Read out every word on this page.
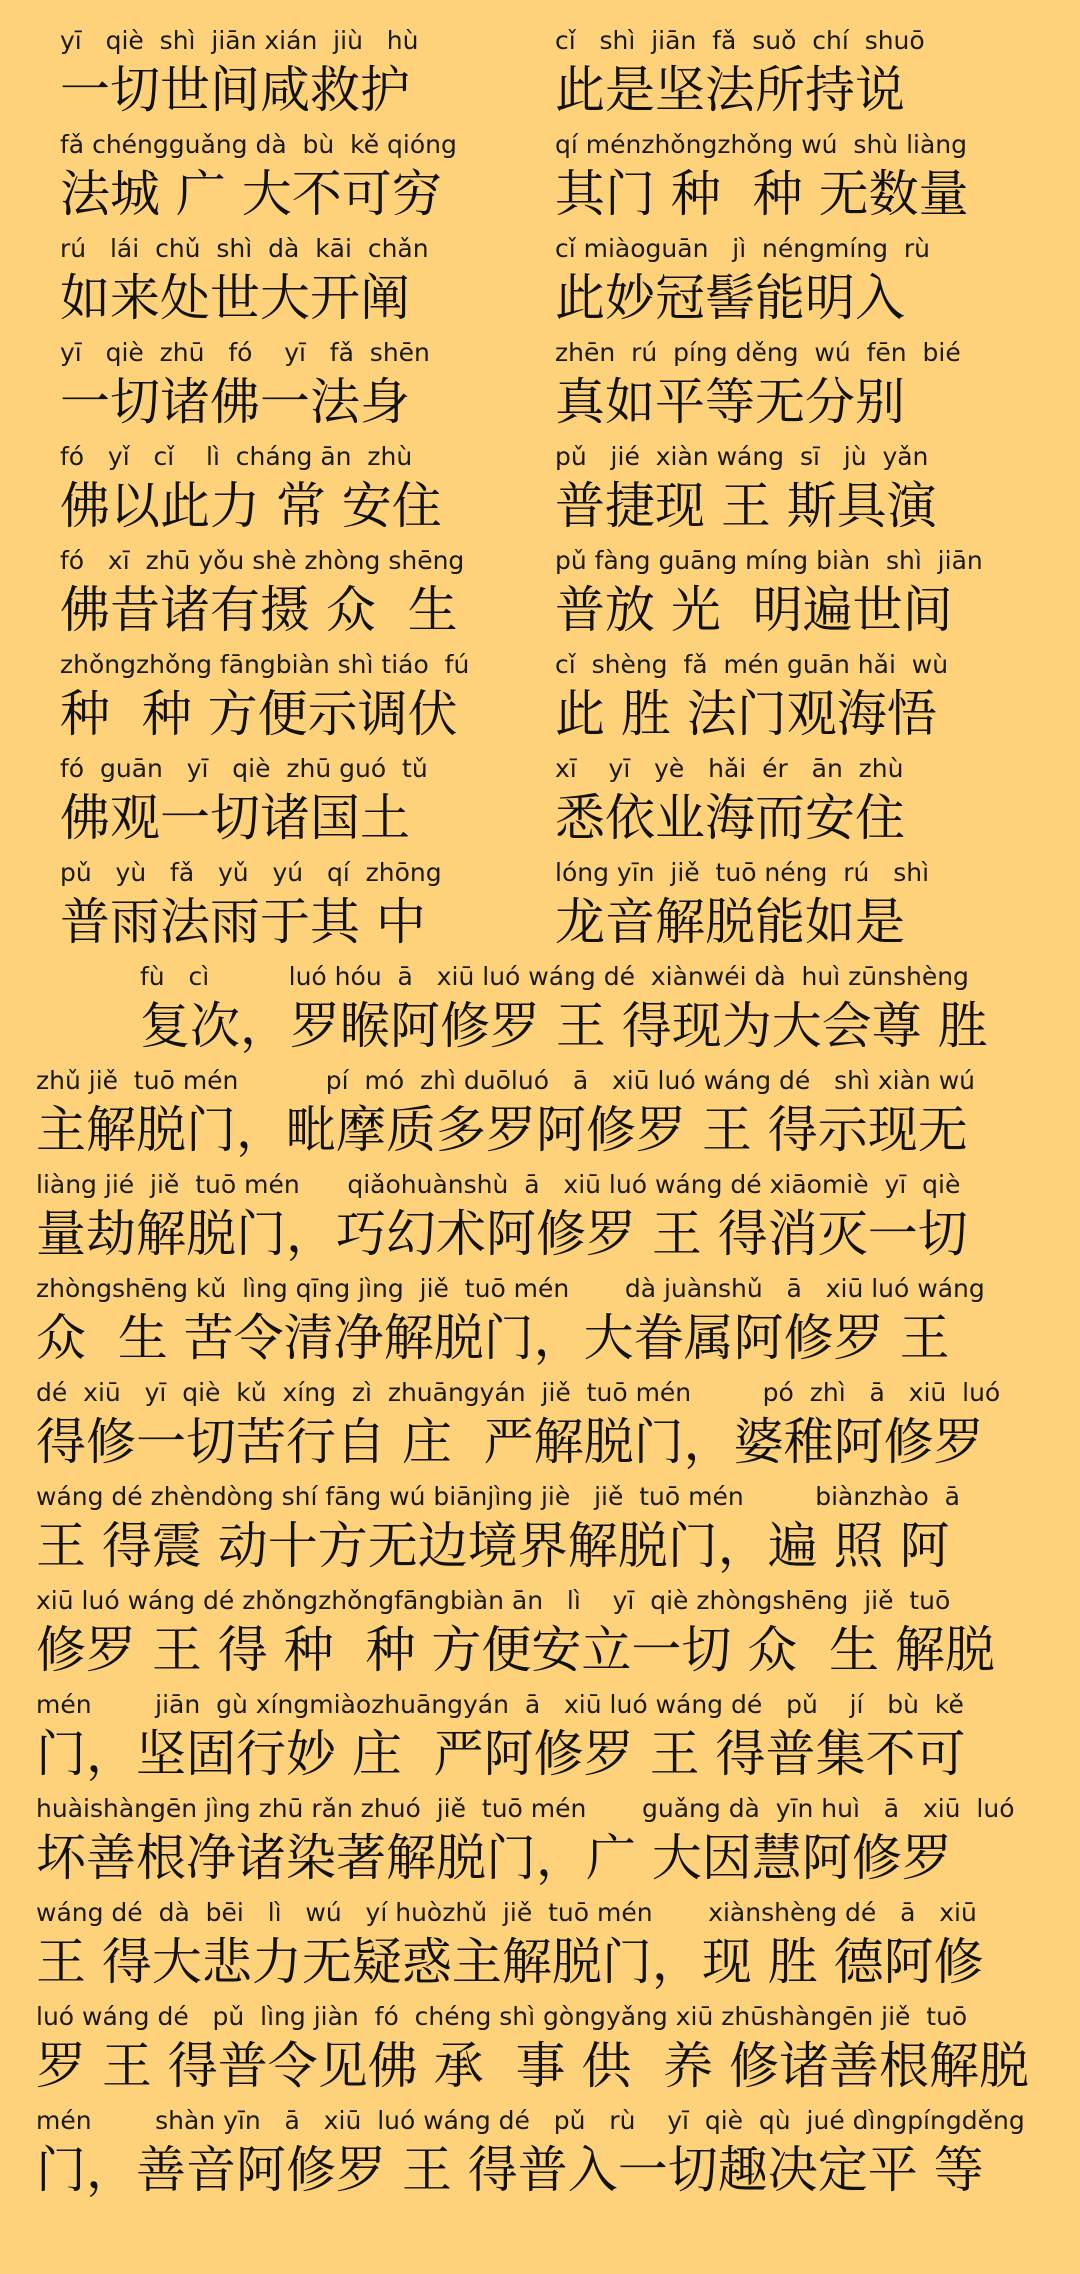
yī   qiè  shì  jiān xián  jiù   hù
一切世间咸救护
cǐ   shì  jiān  fǎ  suǒ  chí  shuō
此是坚法所持说
fǎ chéngguǎng dà  bù  kě qióng
法城 广 大不可穷
qí ménzhǒngzhǒng wú  shù liàng
其门 种  种 无数量
rú   lái  chǔ  shì  dà  kāi  chǎn
如来处世大开阐
cǐ miàoguān   jì  néngmíng  rù
此妙冠髻能明入
yī   qiè  zhū   fó    yī   fǎ  shēn
一切诸佛一法身
zhēn  rú  píng děng  wú  fēn  bié
真如平等无分别
fó   yǐ   cǐ    lì  cháng ān  zhù
佛以此力 常 安住
pǔ   jié  xiàn wáng  sī   jù  yǎn
普捷现 王 斯具演
fó   xī  zhū yǒu shè zhòng shēng
佛昔诸有摄 众  生
pǔ fàng guāng míng biàn  shì  jiān
普放 光  明遍世间
zhǒngzhǒng fāngbiàn shì tiáo  fú
种  种 方便示调伏
cǐ  shèng  fǎ  mén guān hǎi  wù
此 胜 法门观海悟
fó  guān   yī   qiè  zhū guó  tǔ
佛观一切诸国土
xī    yī   yè   hǎi  ér   ān  zhù
悉依业海而安住
pǔ   yù   fǎ   yǔ   yú   qí  zhōng
普雨法雨于其 中
lóng yīn  jiě  tuō néng  rú   shì
龙音解脱能如是
fù   cì          luó hóu  ā   xiū luó wáng dé  xiànwéi dà  huì zūnshèng
复次，罗睺阿修罗 王 得现为大会尊 胜
zhǔ jiě  tuō mén           pí  mó  zhì duōluó   ā   xiū luó wáng dé   shì xiàn wú
主解脱门，毗摩质多罗阿修罗 王 得示现无
liàng jié  jiě  tuō mén      qiǎohuànshù  ā   xiū luó wáng dé xiāomiè  yī  qiè
量劫解脱门，巧幻术阿修罗 王 得消灭一切
zhòngshēng kǔ  lìng qīng jìng  jiě  tuō mén       dà juànshǔ   ā   xiū luó wáng
众  生 苦令清净解脱门，大眷属阿修罗 王
dé  xiū   yī  qiè  kǔ  xíng  zì  zhuāngyán  jiě  tuō mén         pó  zhì   ā   xiū  luó
得修一切苦行自 庄  严解脱门，婆稚阿修罗
wáng dé zhèndòng shí fāng wú biānjìng jiè   jiě  tuō mén         biànzhào  ā
王 得震 动十方无边境界解脱门，遍 照 阿
xiū luó wáng dé zhǒngzhǒngfāngbiàn ān   lì    yī  qiè zhòngshēng  jiě  tuō
修罗 王 得 种  种 方便安立一切 众  生 解脱
mén        jiān  gù xíngmiàozhuāngyán  ā   xiū luó wáng dé   pǔ    jí   bù  kě
门，坚固行妙 庄  严阿修罗 王 得普集不可
huàishàngēn jìng zhū rǎn zhuó  jiě  tuō mén       guǎng dà  yīn huì   ā   xiū  luó
坏善根净诸染著解脱门，广 大因慧阿修罗
wáng dé  dà  bēi   lì   wú   yí huòzhǔ  jiě  tuō mén       xiànshèng dé   ā   xiū
王 得大悲力无疑惑主解脱门，现 胜 德阿修
luó wáng dé   pǔ  lìng jiàn  fó  chéng shì gòngyǎng xiū zhūshàngēn jiě  tuō
罗 王 得普令见佛 承  事 供  养 修诸善根解脱
mén        shàn yīn   ā   xiū  luó wáng dé   pǔ   rù    yī  qiè  qù  jué dìngpíngděng
门，善音阿修罗 王 得普入一切趣决定平 等
